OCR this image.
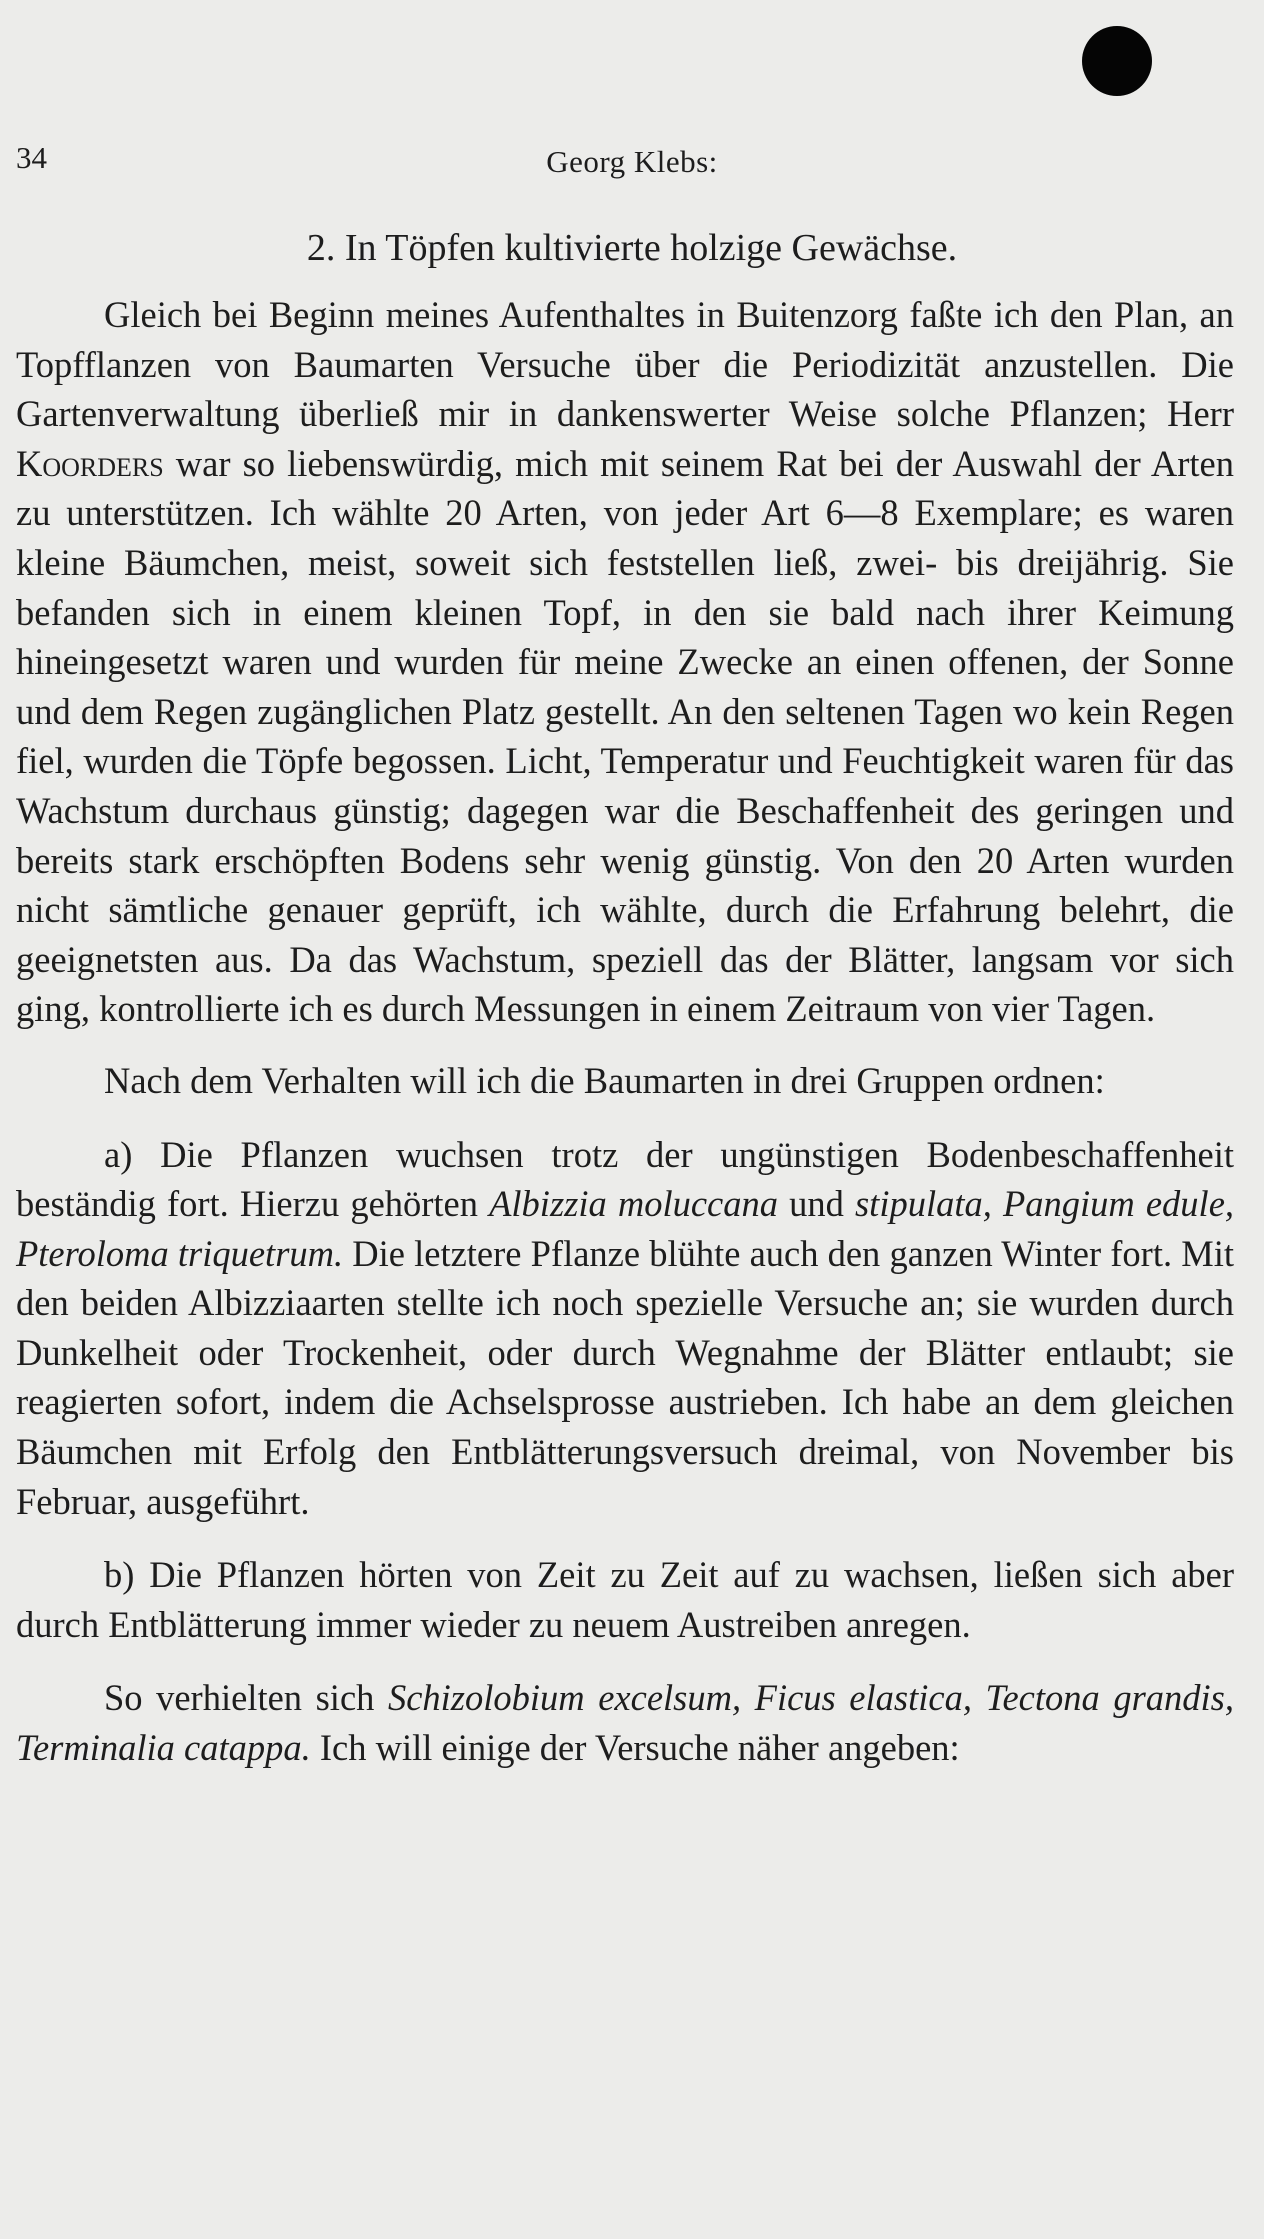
34	Georg Klebs:
2. In Töpfen kultivierte holzige Gewächse.

Gleich bei Beginn meines Aufenthaltes in Buitenzorg faßte ich den Plan, an Topfflanzen von Baumarten Versuche über die Periodizität anzustellen. Die Gartenverwaltung überließ mir in dankenswerter Weise solche Pflanzen; Herr Koorders war so liebenswürdig, mich mit seinem Rat bei der Auswahl der Arten zu unterstützen. Ich wählte 20 Arten, von jeder Art 6—8 Exemplare; es waren kleine Bäumchen, meist, soweit sich feststellen ließ, zwei- bis dreijährig. Sie befanden sich in einem kleinen Topf, in den sie bald nach ihrer Keimung hineingesetzt waren und wurden für meine Zwecke an einen offenen, der Sonne und dem Regen zugänglichen Platz gestellt. An den seltenen Tagen wo kein Regen fiel, wurden die Töpfe begossen. Licht, Temperatur und Feuchtigkeit waren für das Wachstum durchaus günstig; dagegen war die Beschaffenheit des geringen und bereits stark erschöpften Bodens sehr wenig günstig. Von den 20 Arten wurden nicht sämtliche genauer geprüft, ich wählte, durch die Erfahrung belehrt, die geeignetsten aus. Da das Wachstum, speziell das der Blätter, langsam vor sich ging, kontrollierte ich es durch Messungen in einem Zeitraum von vier Tagen.

Nach dem Verhalten will ich die Baumarten in drei Gruppen ordnen:

a) Die Pflanzen wuchsen trotz der ungünstigen Bodenbeschaffenheit beständig fort. Hierzu gehörten Albizzia moluccana und stipulata, Pangium edule, Pteroloma triquetrum. Die letztere Pflanze blühte auch den ganzen Winter fort. Mit den beiden Albizziaarten stellte ich noch spezielle Versuche an; sie wurden durch Dunkelheit oder Trockenheit, oder durch Wegnahme der Blätter entlaubt; sie reagierten sofort, indem die Achselsprosse austrieben. Ich habe an dem gleichen Bäumchen mit Erfolg den Entblätterungsversuch dreimal, von November bis Februar, ausgeführt.

b) Die Pflanzen hörten von Zeit zu Zeit auf zu wachsen, ließen sich aber durch Entblätterung immer wieder zu neuem Austreiben anregen.

So verhielten sich Schizolobium excelsum, Ficus elastica, Tectona grandis, Terminalia catappa. Ich will einige der Versuche näher angeben:
